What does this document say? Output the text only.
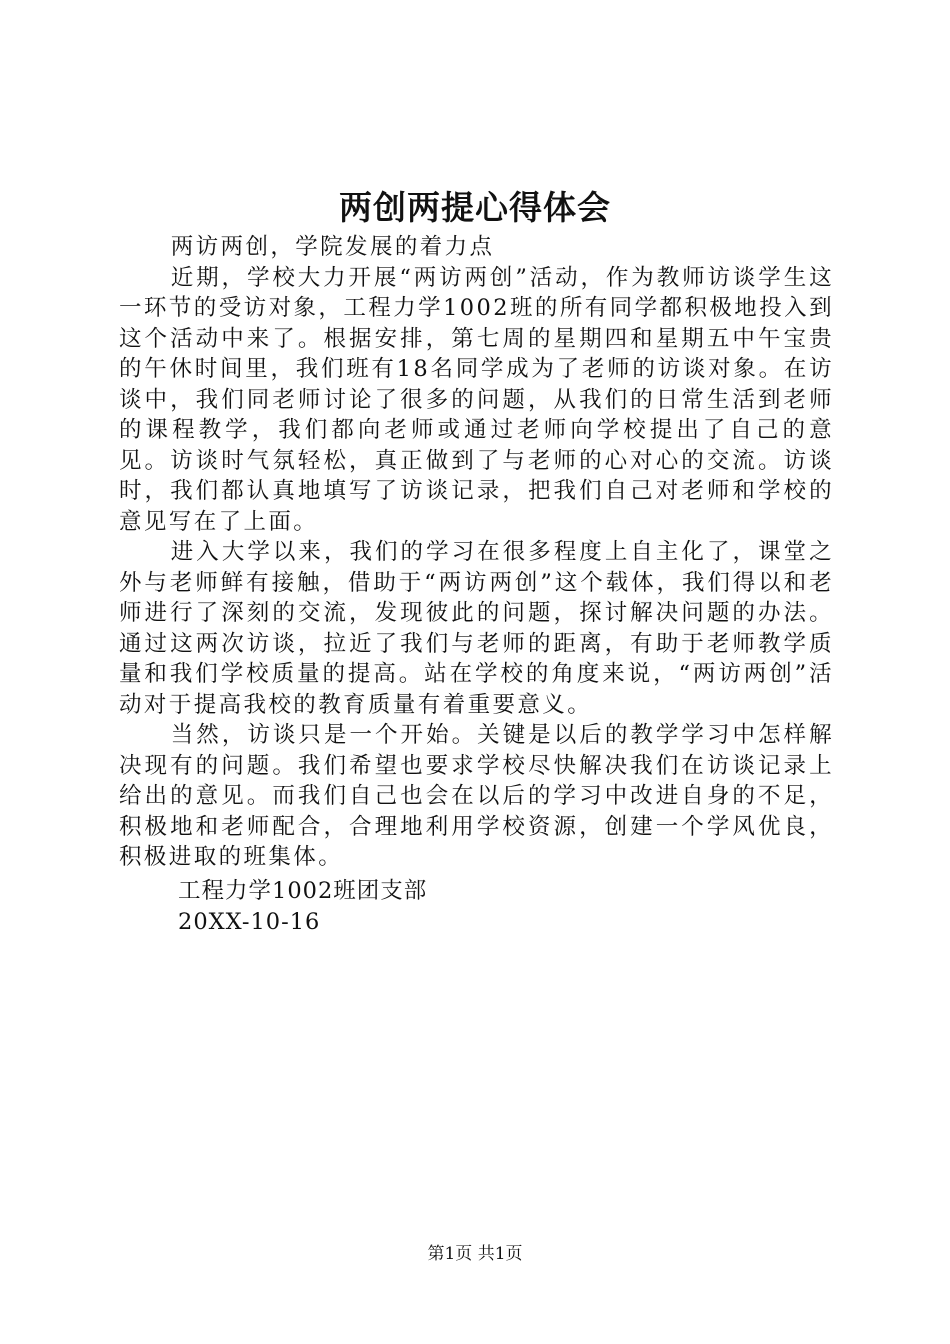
两创两提心得体会

两访两创，学院发展的着力点

近期，学校大力开展“两访两创”活动，作为教师访谈学生这一环节的受访对象，工程力学1002班的所有同学都积极地投入到这个活动中来了。根据安排，第七周的星期四和星期五中午宝贵的午休时间里，我们班有18名同学成为了老师的访谈对象。在访谈中，我们同老师讨论了很多的问题，从我们的日常生活到老师的课程教学，我们都向老师或通过老师向学校提出了自己的意见。访谈时气氛轻松，真正做到了与老师的心对心的交流。访谈时，我们都认真地填写了访谈记录，把我们自己对老师和学校的意见写在了上面。

进入大学以来，我们的学习在很多程度上自主化了，课堂之外与老师鲜有接触，借助于“两访两创”这个载体，我们得以和老师进行了深刻的交流，发现彼此的问题，探讨解决问题的办法。通过这两次访谈，拉近了我们与老师的距离，有助于老师教学质量和我们学校质量的提高。站在学校的角度来说，“两访两创”活动对于提高我校的教育质量有着重要意义。

当然，访谈只是一个开始。关键是以后的教学学习中怎样解决现有的问题。我们希望也要求学校尽快解决我们在访谈记录上给出的意见。而我们自己也会在以后的学习中改进自身的不足，积极地和老师配合，合理地利用学校资源，创建一个学风优良，积极进取的班集体。

工程力学1002班团支部
20XX-10-16
第1页 共1页
